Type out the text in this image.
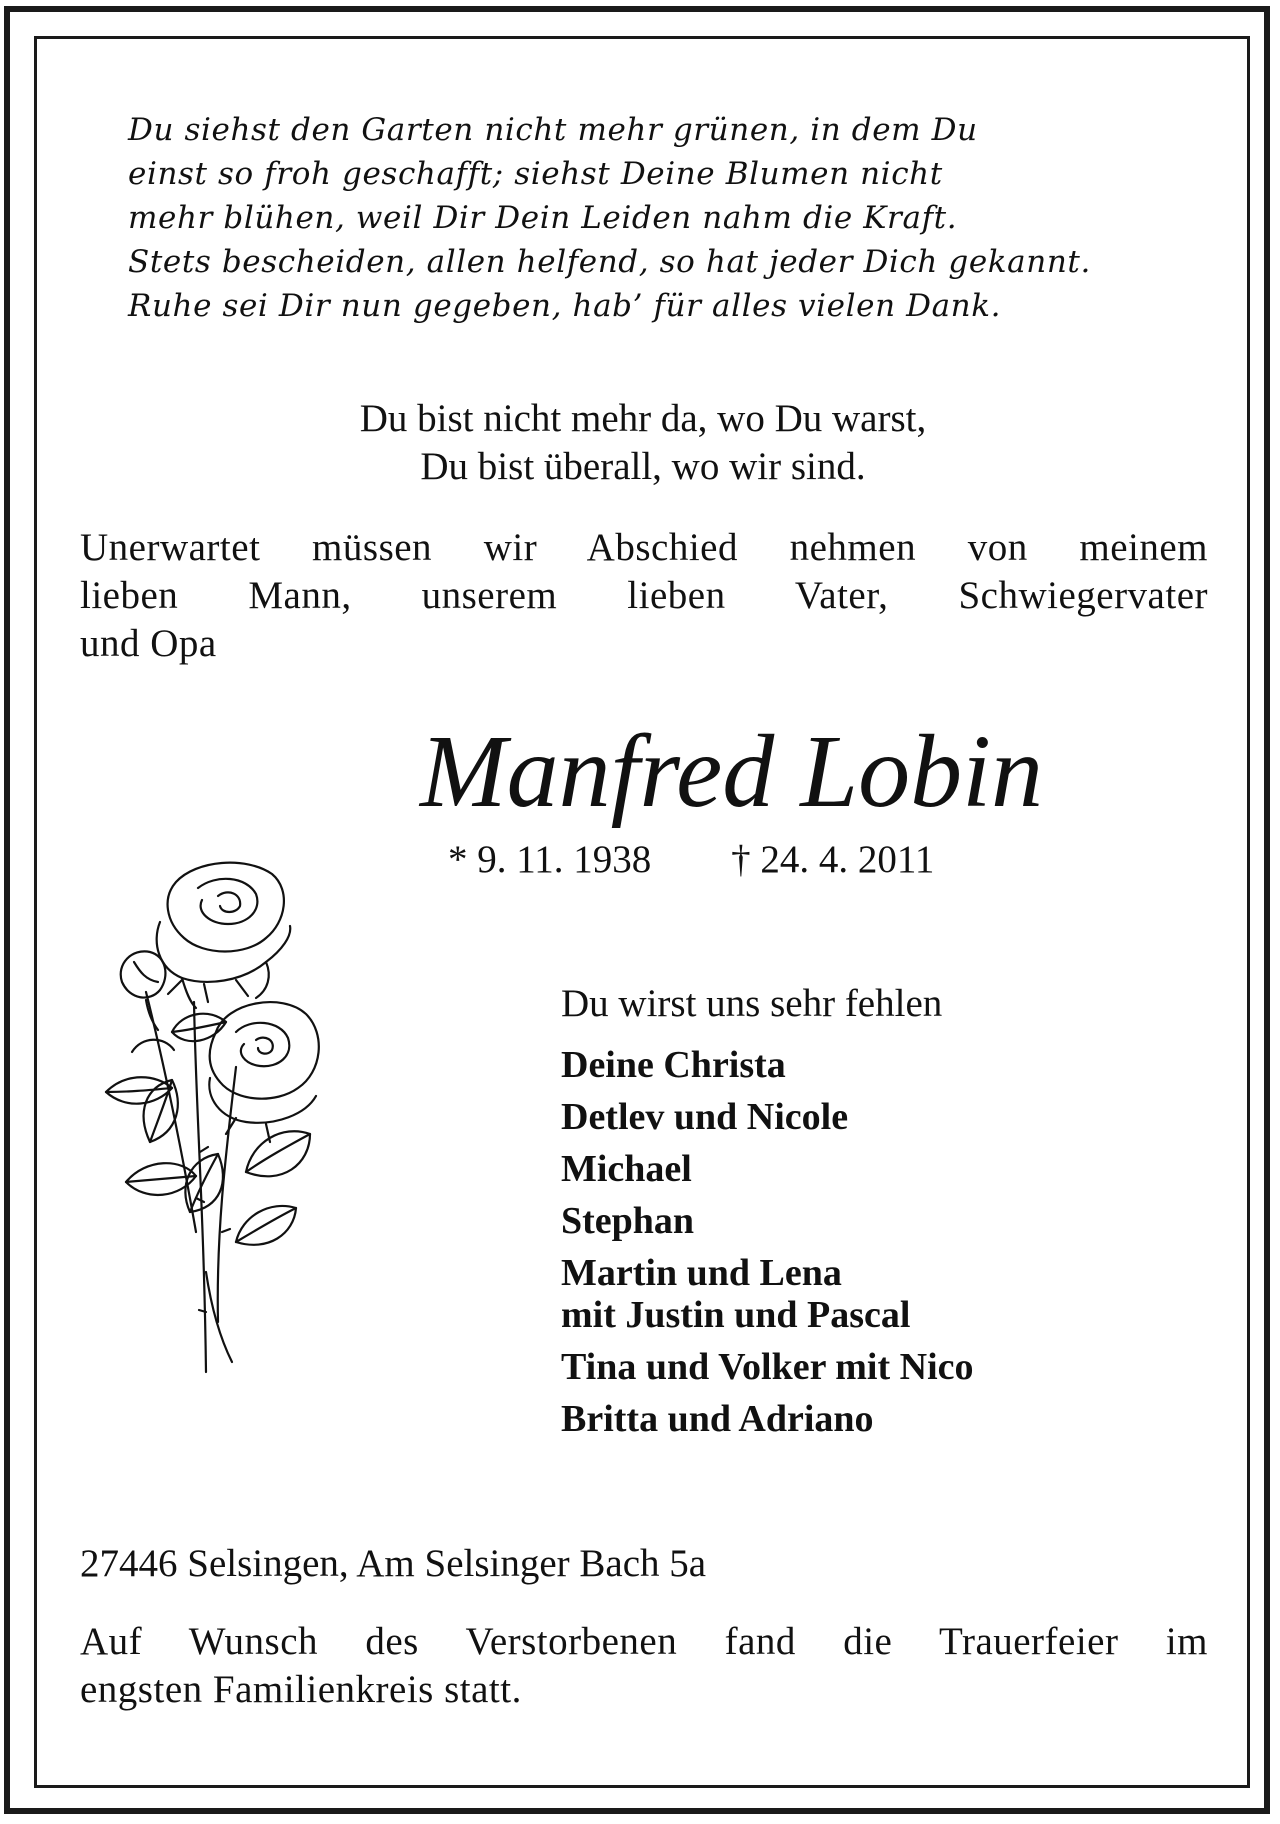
Du siehst den Garten nicht mehr grünen, in dem Du
einst so froh geschafft; siehst Deine Blumen nicht
mehr blühen, weil Dir Dein Leiden nahm die Kraft.
Stets bescheiden, allen helfend, so hat jeder Dich gekannt.
Ruhe sei Dir nun gegeben, hab’ für alles vielen Dank.
Du bist nicht mehr da, wo Du warst,
Du bist überall, wo wir sind.
Unerwartet müssen wir Abschied nehmen von meinem
lieben Mann, unserem lieben Vater, Schwiegervater
und Opa
Manfred Lobin
* 9. 11. 1938 † 24. 4. 2011
Du wirst uns sehr fehlen
Deine Christa
Detlev und Nicole
Michael
Stephan
Martin und Lena
mit Justin und Pascal
Tina und Volker mit Nico
Britta und Adriano
27446 Selsingen, Am Selsinger Bach 5a
Auf Wunsch des Verstorbenen fand die Trauerfeier im
engsten Familienkreis statt.
